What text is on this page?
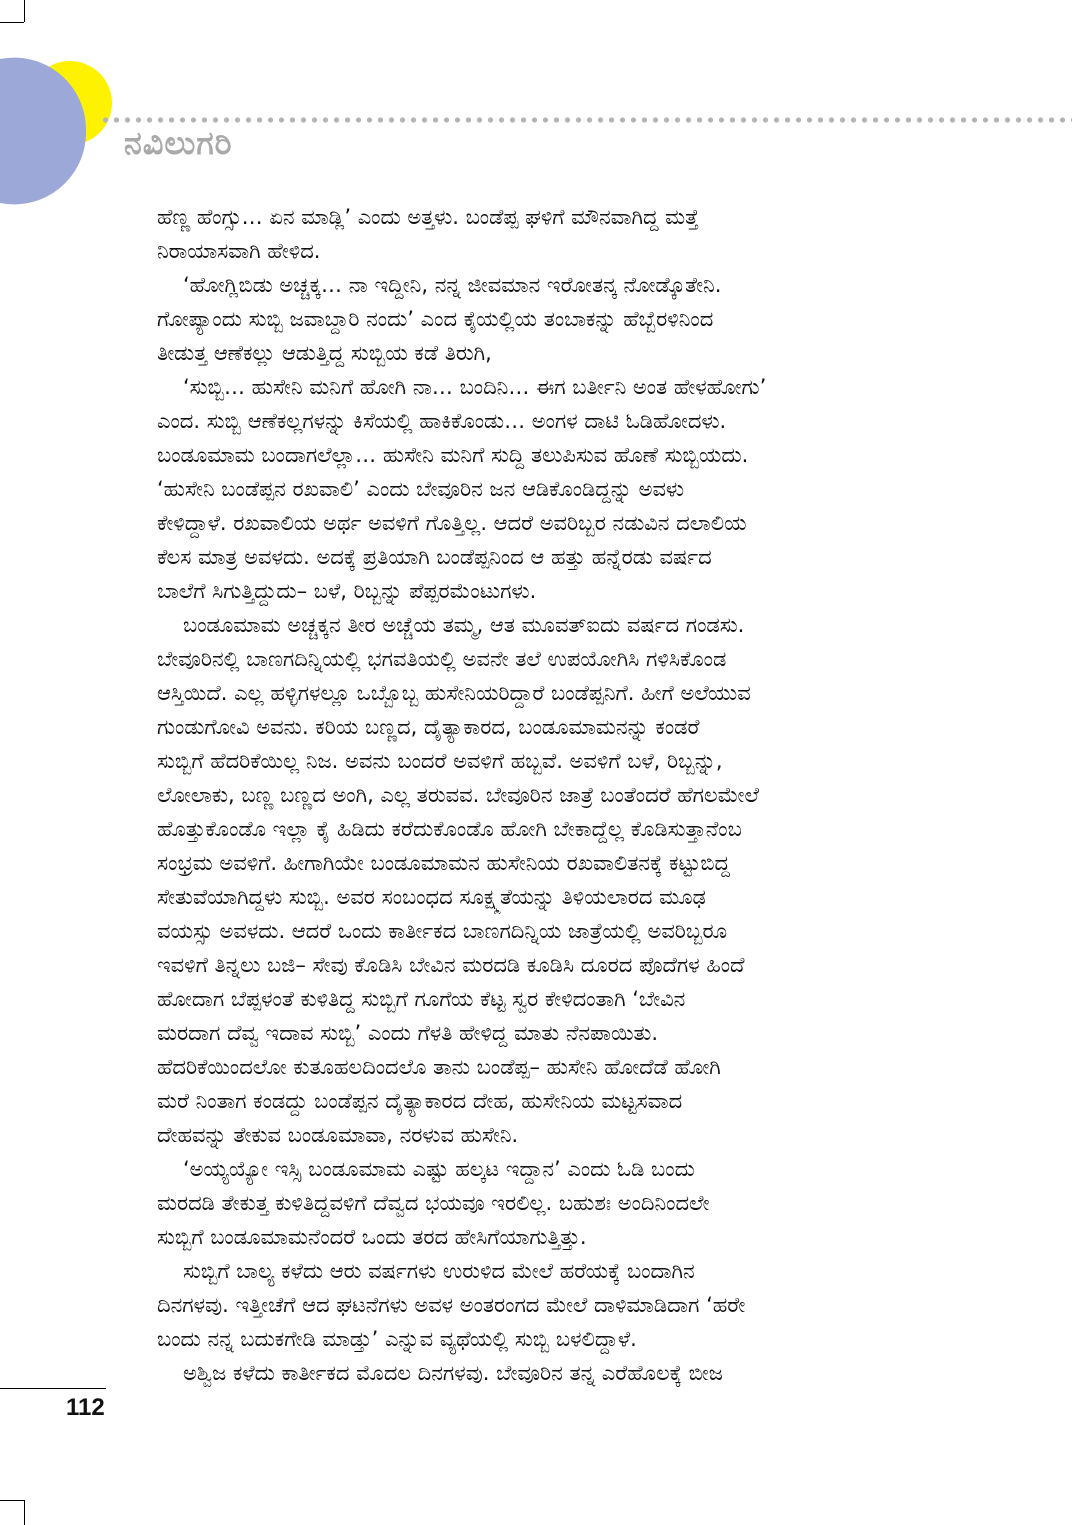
ನವಿಲುಗರಿ
ಹೆಣ್ಣ ಹೆಂಗ್ಸು… ಏನ ಮಾಡ್ಲಿ’ ಎಂದು ಅತ್ತಳು. ಬಂಡೆಪ್ಪ ಘಳಿಗೆ ಮೌನವಾಗಿದ್ದ ಮತ್ತೆ
ನಿರಾಯಾಸವಾಗಿ ಹೇಳಿದ.
‘ಹೋಗ್ಲಿಬಿಡು ಅಚ್ಚಕ್ಕ… ನಾ ಇದ್ದೀನಿ, ನನ್ನ ಜೀವಮಾನ ಇರೋತನ್ಕ ನೋಡ್ಕೊತೇನಿ.
ಗೋಪ್ಯಾಂದು ಸುಬ್ಬಿ ಜವಾಬ್ದಾರಿ ನಂದು’ ಎಂದ ಕೈಯಲ್ಲಿಯ ತಂಬಾಕನ್ನು ಹೆಬ್ಬೆರಳಿನಿಂದ
ತೀಡುತ್ತ ಆಣೆಕಲ್ಲು ಆಡುತ್ತಿದ್ದ ಸುಬ್ಬಿಯ ಕಡೆ ತಿರುಗಿ,
‘ಸುಬ್ಬಿ… ಹುಸೇನಿ ಮನಿಗೆ ಹೋಗಿ ನಾ… ಬಂದಿನಿ… ಈಗ ಬರ್ತೀನಿ ಅಂತ ಹೇಳಹೋಗು’
ಎಂದ. ಸುಬ್ಬಿ ಆಣೆಕಲ್ಲಗಳನ್ನು ಕಿಸೆಯಲ್ಲಿ ಹಾಕಿಕೊಂಡು… ಅಂಗಳ ದಾಟಿ ಓಡಿಹೋದಳು.
ಬಂಡೂಮಾಮ ಬಂದಾಗಲೆಲ್ಲಾ… ಹುಸೇನಿ ಮನಿಗೆ ಸುದ್ದಿ ತಲುಪಿಸುವ ಹೊಣೆ ಸುಬ್ಬಿಯದು.
‘ಹುಸೇನಿ ಬಂಡೆಪ್ಪನ ರಖವಾಲಿ’ ಎಂದು ಬೇವೂರಿನ ಜನ ಆಡಿಕೊಂಡಿದ್ದನ್ನು ಅವಳು
ಕೇಳಿದ್ದಾಳೆ. ರಖವಾಲಿಯ ಅರ್ಥ ಅವಳಿಗೆ ಗೊತ್ತಿಲ್ಲ. ಆದರೆ ಅವರಿಬ್ಬರ ನಡುವಿನ ದಲಾಲಿಯ
ಕೆಲಸ ಮಾತ್ರ ಅವಳದು. ಅದಕ್ಕೆ ಪ್ರತಿಯಾಗಿ ಬಂಡೆಪ್ಪನಿಂದ ಆ ಹತ್ತು ಹನ್ನೆರಡು ವರ್ಷದ
ಬಾಲೆಗೆ ಸಿಗುತ್ತಿದ್ದುದು– ಬಳೆ, ರಿಬ್ಬನ್ನು ಪೆಪ್ಪರಮೆಂಟುಗಳು.
ಬಂಡೂಮಾಮ ಅಚ್ಚಕ್ಕನ ತೀರ ಅಚ್ಚೆಯ ತಮ್ಮ, ಆತ ಮೂವತ್‌ಐದು ವರ್ಷದ ಗಂಡಸು.
ಬೇವೂರಿನಲ್ಲಿ ಬಾಣಗದಿನ್ನಿಯಲ್ಲಿ ಭಗವತಿಯಲ್ಲಿ ಅವನೇ ತಲೆ ಉಪಯೋಗಿಸಿ ಗಳಿಸಿಕೊಂಡ
ಆಸ್ತಿಯಿದೆ. ಎಲ್ಲ ಹಳ್ಳಿಗಳಲ್ಲೂ ಒಬ್ಬೊಬ್ಬ ಹುಸೇನಿಯರಿದ್ದಾರೆ ಬಂಡೆಪ್ಪನಿಗೆ. ಹೀಗೆ ಅಲೆಯುವ
ಗುಂಡುಗೋವಿ ಅವನು. ಕರಿಯ ಬಣ್ಣದ, ದೈತ್ಯಾಕಾರದ, ಬಂಡೂಮಾಮನನ್ನು ಕಂಡರೆ
ಸುಬ್ಬಿಗೆ ಹೆದರಿಕೆಯಿಲ್ಲ ನಿಜ. ಅವನು ಬಂದರೆ ಅವಳಿಗೆ ಹಬ್ಬವೆ. ಅವಳಿಗೆ ಬಳೆ, ರಿಬ್ಬನ್ನು,
ಲೋಲಾಕು, ಬಣ್ಣ ಬಣ್ಣದ ಅಂಗಿ, ಎಲ್ಲ ತರುವವ. ಬೇವೂರಿನ ಜಾತ್ರೆ ಬಂತೆಂದರೆ ಹೆಗಲಮೇಲೆ
ಹೊತ್ತುಕೊಂಡೊ ಇಲ್ಲಾ ಕೈ ಹಿಡಿದು ಕರೆದುಕೊಂಡೊ ಹೋಗಿ ಬೇಕಾದ್ದೆಲ್ಲ ಕೊಡಿಸುತ್ತಾನೆಂಬ
ಸಂಭ್ರಮ ಅವಳಿಗೆ. ಹೀಗಾಗಿಯೇ ಬಂಡೂಮಾಮನ ಹುಸೇನಿಯ ರಖವಾಲಿತನಕ್ಕೆ ಕಟ್ಟುಬಿದ್ದ
ಸೇತುವೆಯಾಗಿದ್ದಳು ಸುಬ್ಬಿ. ಅವರ ಸಂಬಂಧದ ಸೂಕ್ಷ್ಮತೆಯನ್ನು ತಿಳಿಯಲಾರದ ಮೂಢ
ವಯಸ್ಸು ಅವಳದು. ಆದರೆ ಒಂದು ಕಾರ್ತೀಕದ ಬಾಣಗದಿನ್ನಿಯ ಜಾತ್ರೆಯಲ್ಲಿ ಅವರಿಬ್ಬರೂ
ಇವಳಿಗೆ ತಿನ್ನಲು ಬಜಿ– ಸೇವು ಕೊಡಿಸಿ ಬೇವಿನ ಮರದಡಿ ಕೂಡಿಸಿ ದೂರದ ಪೊದೆಗಳ ಹಿಂದೆ
ಹೋದಾಗ ಬೆಪ್ಪಳಂತೆ ಕುಳಿತಿದ್ದ ಸುಬ್ಬಿಗೆ ಗೂಗೆಯ ಕೆಟ್ಟ ಸ್ವರ ಕೇಳಿದಂತಾಗಿ ‘ಬೇವಿನ
ಮರದಾಗ ದೆವ್ವ ಇದಾವ ಸುಬ್ಬಿ’ ಎಂದು ಗೆಳತಿ ಹೇಳಿದ್ದ ಮಾತು ನೆನಪಾಯಿತು.
ಹೆದರಿಕೆಯಿಂದಲೋ ಕುತೂಹಲದಿಂದಲೊ ತಾನು ಬಂಡೆಪ್ಪ– ಹುಸೇನಿ ಹೋದೆಡೆ ಹೋಗಿ
ಮರೆ ನಿಂತಾಗ ಕಂಡದ್ದು ಬಂಡೆಪ್ಪನ ದೈತ್ಯಾಕಾರದ ದೇಹ, ಹುಸೇನಿಯ ಮಟ್ಟಸವಾದ
ದೇಹವನ್ನು ತೇಕುವ ಬಂಡೂಮಾವಾ, ನರಳುವ ಹುಸೇನಿ.
‘ಅಯ್ಯಯ್ಯೋ ಇಸ್ಸಿ ಬಂಡೂಮಾಮ ಎಷ್ಟು ಹಲ್ಕಟ ಇದ್ದಾನ’ ಎಂದು ಓಡಿ ಬಂದು
ಮರದಡಿ ತೇಕುತ್ತ ಕುಳಿತಿದ್ದವಳಿಗೆ ದೆವ್ವದ ಭಯವೂ ಇರಲಿಲ್ಲ. ಬಹುಶಃ ಅಂದಿನಿಂದಲೇ
ಸುಬ್ಬಿಗೆ ಬಂಡೂಮಾಮನೆಂದರೆ ಒಂದು ತರದ ಹೇಸಿಗೆಯಾಗುತ್ತಿತ್ತು.
ಸುಬ್ಬಿಗೆ ಬಾಲ್ಯ ಕಳೆದು ಆರು ವರ್ಷಗಳು ಉರುಳಿದ ಮೇಲೆ ಹರೆಯಕ್ಕೆ ಬಂದಾಗಿನ
ದಿನಗಳವು. ಇತ್ತೀಚೆಗೆ ಆದ ಘಟನೆಗಳು ಅವಳ ಅಂತರಂಗದ ಮೇಲೆ ದಾಳಿಮಾಡಿದಾಗ ‘ಹರೇ
ಬಂದು ನನ್ನ ಬದುಕಗೇಡಿ ಮಾಡ್ತು’ ಎನ್ನುವ ವ್ಯಥೆಯಲ್ಲಿ ಸುಬ್ಬಿ ಬಳಲಿದ್ದಾಳೆ.
ಅಶ್ವಿಜ ಕಳೆದು ಕಾರ್ತೀಕದ ಮೊದಲ ದಿನಗಳವು. ಬೇವೂರಿನ ತನ್ನ ಎರೆಹೊಲಕ್ಕೆ ಬೀಜ
112
